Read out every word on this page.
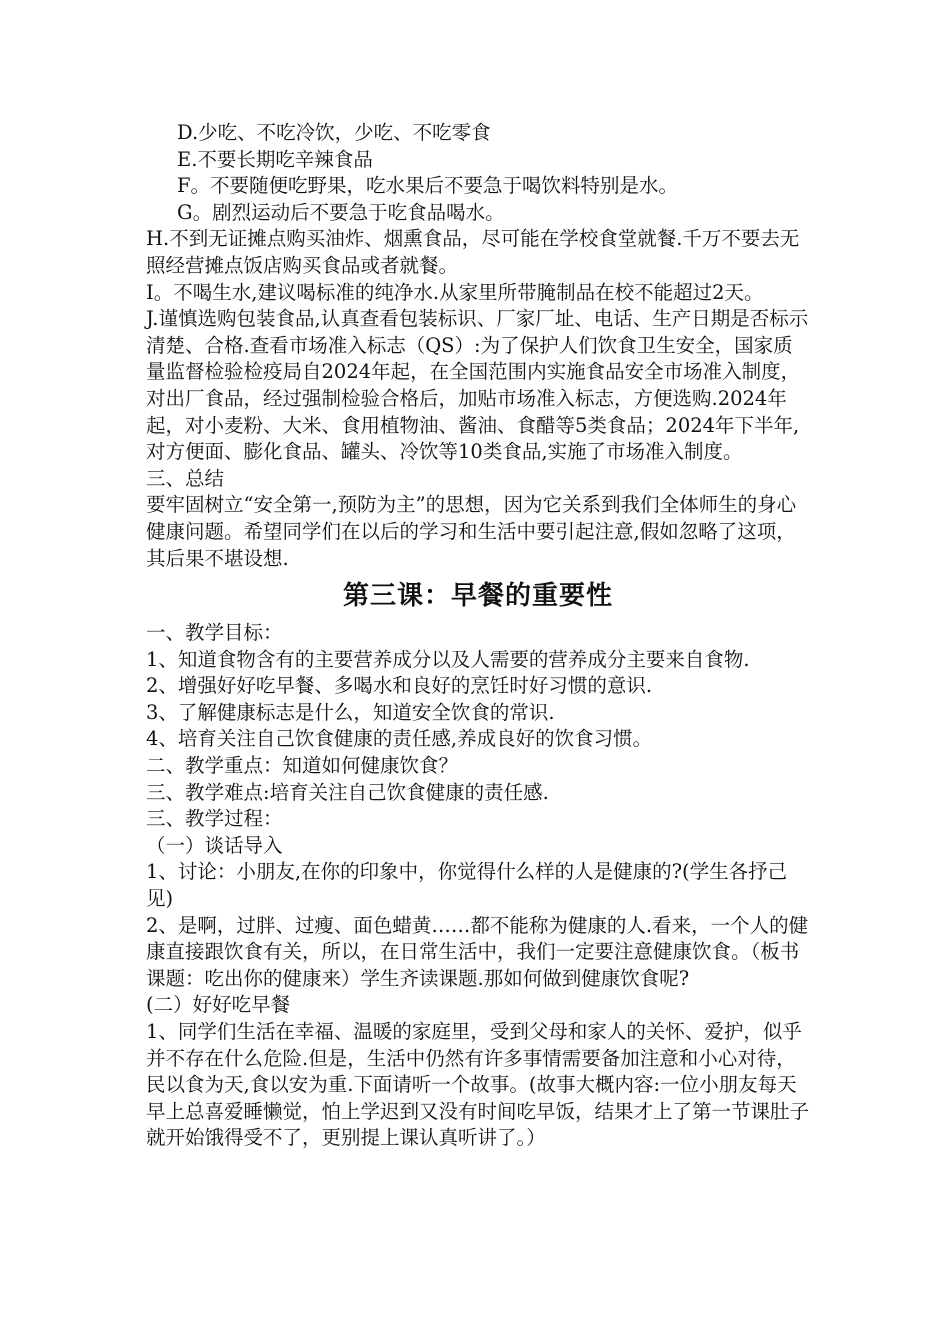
D.少吃、不吃冷饮，少吃、不吃零食

E.不要长期吃辛辣食品

F。不要随便吃野果，吃水果后不要急于喝饮料特别是水。

G。剧烈运动后不要急于吃食品喝水。

H.不到无证摊点购买油炸、烟熏食品，尽可能在学校食堂就餐.千万不要去无照经营摊点饭店购买食品或者就餐。

I。不喝生水,建议喝标准的纯净水.从家里所带腌制品在校不能超过2天。

J.谨慎选购包装食品,认真查看包装标识、厂家厂址、电话、生产日期是否标示清楚、合格.查看市场准入标志（QS）:为了保护人们饮食卫生安全，国家质量监督检验检疫局自2024年起，在全国范围内实施食品安全市场准入制度，对出厂食品，经过强制检验合格后，加贴市场准入标志，方便选购.2024年起，对小麦粉、大米、食用植物油、酱油、食醋等5类食品；2024年下半年,对方便面、膨化食品、罐头、冷饮等10类食品,实施了市场准入制度。

三、总结

要牢固树立“安全第一,预防为主”的思想，因为它关系到我们全体师生的身心健康问题。希望同学们在以后的学习和生活中要引起注意,假如忽略了这项，其后果不堪设想.

第三课：早餐的重要性

一、教学目标：

1、知道食物含有的主要营养成分以及人需要的营养成分主要来自食物.

2、增强好好吃早餐、多喝水和良好的烹饪时好习惯的意识.

3、了解健康标志是什么，知道安全饮食的常识.

4、培育关注自己饮食健康的责任感,养成良好的饮食习惯。

二、教学重点：知道如何健康饮食？

三、教学难点:培育关注自己饮食健康的责任感.

三、教学过程：

（一）谈话导入

1、讨论：小朋友,在你的印象中，你觉得什么样的人是健康的?(学生各抒己见)

2、是啊，过胖、过瘦、面色蜡黄……都不能称为健康的人.看来，一个人的健康直接跟饮食有关，所以，在日常生活中，我们一定要注意健康饮食。（板书课题：吃出你的健康来）学生齐读课题.那如何做到健康饮食呢?

(二）好好吃早餐

1、同学们生活在幸福、温暖的家庭里，受到父母和家人的关怀、爱护，似乎并不存在什么危险.但是，生活中仍然有许多事情需要备加注意和小心对待，民以食为天,食以安为重.下面请听一个故事。(故事大概内容:一位小朋友每天早上总喜爱睡懒觉，怕上学迟到又没有时间吃早饭，结果才上了第一节课肚子就开始饿得受不了，更别提上课认真听讲了。）
